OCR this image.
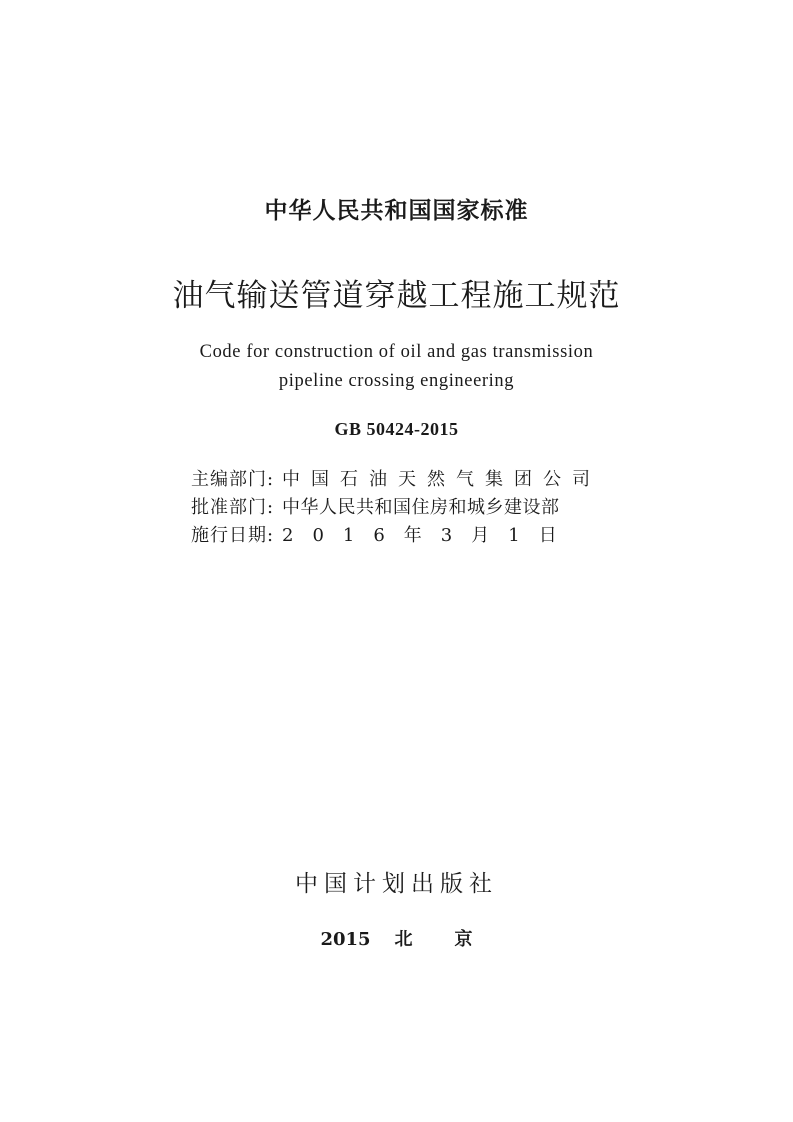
中华人民共和国国家标准
油气输送管道穿越工程施工规范
Code for construction of oil and gas transmission
pipeline crossing engineering
GB 50424-2015
主编部门: 中国石油天然气集团公司
批准部门: 中华人民共和国住房和城乡建设部
施行日期: 2016年3月1日
中国计划出版社
2015 北京
